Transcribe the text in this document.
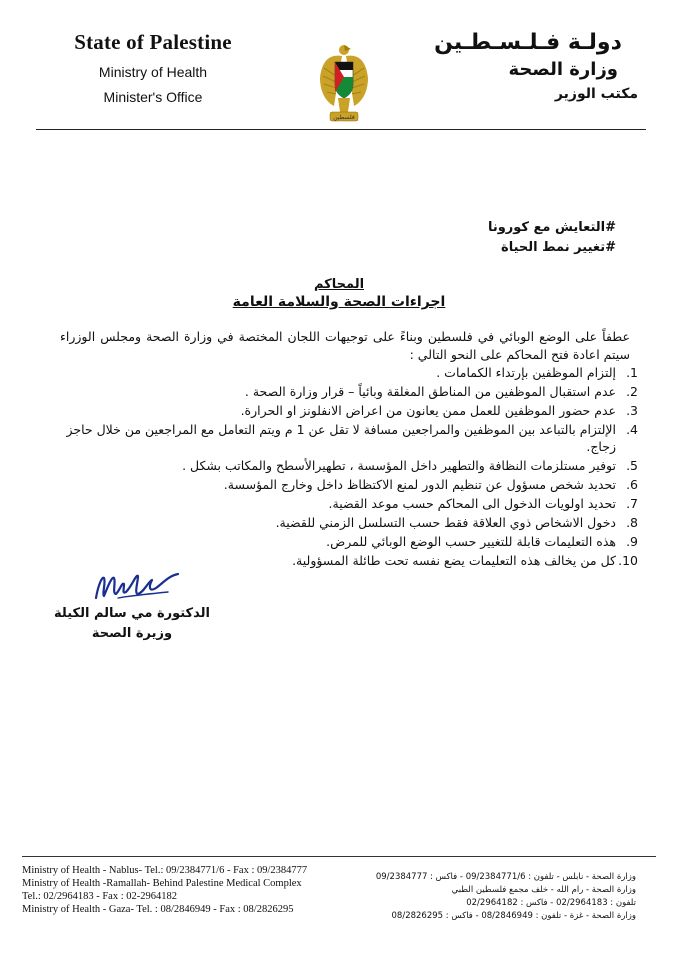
State of Palestine
Ministry of Health
Minister's Office
فلسطين
دولـة فـلـسـطـين
وزارة الصحة
مكتب الوزير
#التعايش مع كورونا
#تغيير نمط الحياة
المحاكم
اجراءات الصحة والسلامة العامة
عطفاً على الوضع الوبائي في فلسطين وبناءً على توجيهات اللجان المختصة في وزارة الصحة ومجلس الوزراء سيتم اعادة فتح المحاكم على النحو التالي :
1.
إلتزام الموظفين بإرتداء الكمامات .
2.
عدم استقبال الموظفين من المناطق المغلقة وبائياً – قرار وزارة الصحة .
3.
عدم حضور الموظفين للعمل ممن يعانون من اعراض الانفلونز او الحرارة.
4.
الإلتزام بالتباعد بين الموظفين والمراجعين مسافة لا تقل عن 1 م ويتم التعامل مع المراجعين من خلال حاجز زجاج.
5.
توفير مستلزمات النظافة والتطهير داخل المؤسسة ، تطهيرالأسطح والمكاتب بشكل .
6.
تحديد شخص مسؤول عن تنظيم الدور لمنع الاكتظاظ داخل وخارج المؤسسة.
7.
تحديد اولويات الدخول الى المحاكم حسب موعد القضية.
8.
دخول الاشخاص ذوي العلاقة فقط حسب التسلسل الزمني للقضية.
9.
هذه التعليمات قابلة للتغيير حسب الوضع الوبائي للمرض.
10.
كل من يخالف هذه التعليمات يضع نفسه تحت طائلة المسؤولية.
الدكتورة مي سالم الكيلة
وزيرة الصحة
Ministry of Health - Nablus- Tel.: 09/2384771/6 - Fax : 09/2384777
Ministry of Health -Ramallah- Behind Palestine Medical Complex
Tel.: 02/2964183 - Fax : 02-2964182
Ministry of Health - Gaza- Tel. : 08/2846949 - Fax : 08/2826295
وزارة الصحة - نابلس - تلفون : 09/2384771/6 - فاكس : 09/2384777
وزارة الصحة - رام الله - خلف مجمع فلسطين الطبي
تلفون : 02/2964183 - فاكس : 02/2964182
وزارة الصحة - غزة - تلفون : 08/2846949 - فاكس : 08/2826295
